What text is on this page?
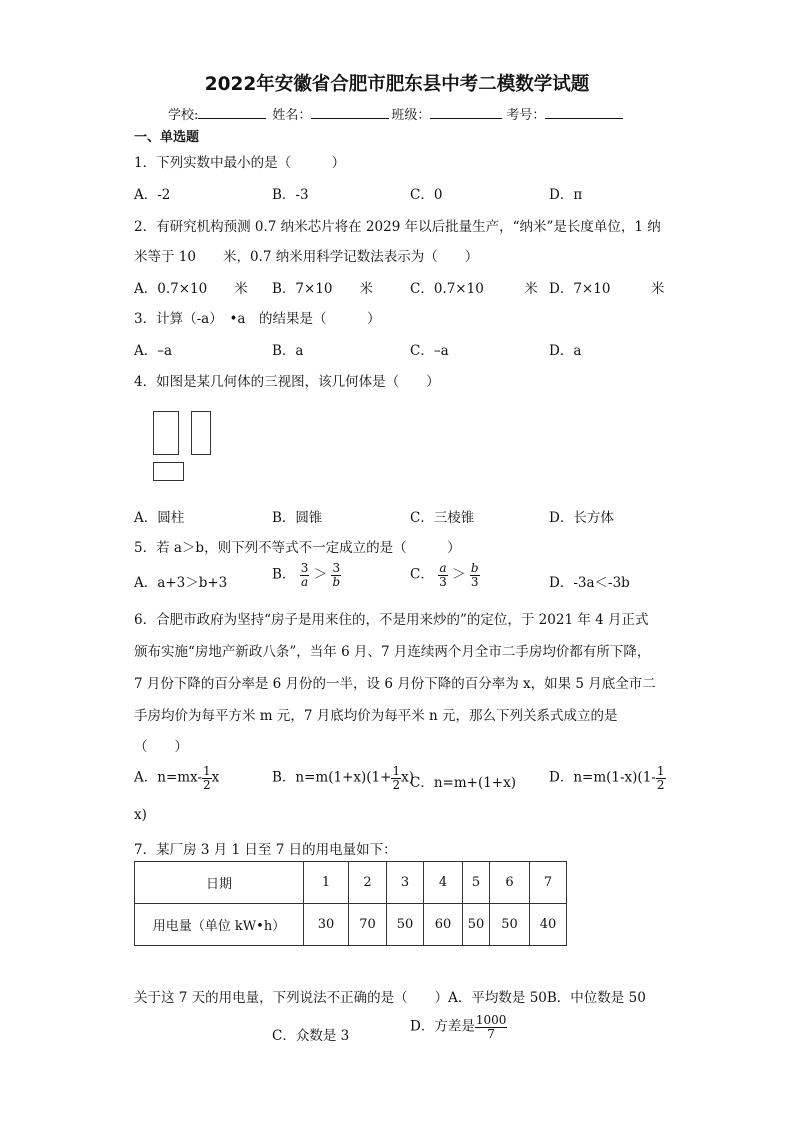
2022年安徽省合肥市肥东县中考二模数学试题
学校:	姓名：	班级：	考号：
一、单选题
1．下列实数中最小的是（　　　）
A．-2	B．-3	C．0	D．π
2．有研究机构预测 0.7 纳米芯片将在 2029 年以后批量生产，“纳米”是长度单位，1 纳
米等于 10　　米，0.7 纳米用科学记数法表示为（　　）
A．0.7×10　　米 B．7×10　　米	C．0.7×10　　　米 D．7×10　　　米
3．计算（-a）　•a　的结果是（　　　）
A．–a	B．a	C．–a	D．a
4．如图是某几何体的三视图，该几何体是（　　）
A．圆柱	B．圆锥	C．三棱锥	D．长方体
5．若 a＞b，则下列不等式不一定成立的是（　　　）
A．a+3＞b+3
B． $\frac{3}{a} > \frac{3}{b}$	C． $\frac{a}{3} > \frac{b}{3}$	D．-3a＜-3b
6．合肥市政府为坚持“房子是用来住的，不是用来炒的”的定位，于 2021 年 4 月正式
颁布实施“房地产新政八条”，当年 6 月、7 月连续两个月全市二手房均价都有所下降，
7 月份下降的百分率是 6 月份的一半，设 6 月份下降的百分率为 x，如果 5 月底全市二
手房均价为每平方米 m 元，7 月底均价为每平米 n 元，那么下列关系式成立的是
（　　）
A．$n=mx- \frac{1}{2}$ x	B．$n=m(1+x)(1+ \frac{1}{2} x)$
C．n=m+(1+x) D．$n=m(1-x)(1- \frac{1}{2}$
x)
7．某厂房 3 月 1 日至 7 日的用电量如下：
日期	1	2	3	4	5	6	7
用电量（单位 kW•h）	30	70	50	60	50	50	40
关于这 7 天的用电量，下列说法不正确的是（　　）A．平均数是 50B．中位数是 50
C．众数是 3
D．方差是 $\frac{1000}{7}$
